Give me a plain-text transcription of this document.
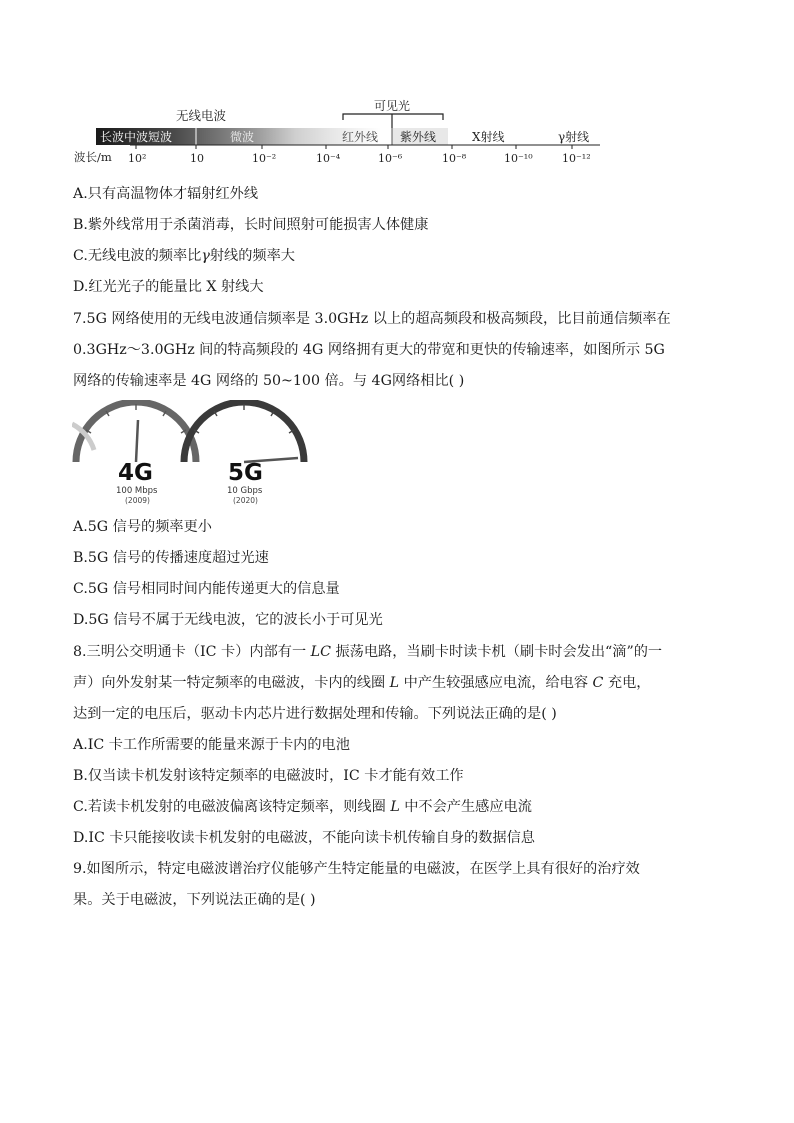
无线电波
可见光
长波中波短波	微波	红外线 紫外线	X射线	γ射线
波长/m 10²	10	10⁻²	10⁻⁴	10⁻⁶	10⁻⁸	10⁻¹⁰	10⁻¹²
A.只有高温物体才辐射红外线
B.紫外线常用于杀菌消毒，长时间照射可能损害人体健康
C.无线电波的频率比γ射线的频率大
D.红光光子的能量比 X 射线大
7.5G 网络使用的无线电波通信频率是 3.0GHz 以上的超高频段和极高频段，比目前通信频率在
0.3GHz～3.0GHz 间的特高频段的 4G 网络拥有更大的带宽和更快的传输速率，如图所示 5G
网络的传输速率是 4G 网络的 50~100 倍。与 4G网络相比( )
4G
100 Mbps
(2009)
5G
10 Gbps
(2020)
A.5G 信号的频率更小
B.5G 信号的传播速度超过光速
C.5G 信号相同时间内能传递更大的信息量
D.5G 信号不属于无线电波，它的波长小于可见光
8.三明公交明通卡（IC 卡）内部有一 LC 振荡电路，当刷卡时读卡机（刷卡时会发出“滴”的一
声）向外发射某一特定频率的电磁波，卡内的线圈 L 中产生较强感应电流，给电容 C 充电，
达到一定的电压后，驱动卡内芯片进行数据处理和传输。下列说法正确的是( )
A.IC 卡工作所需要的能量来源于卡内的电池
B.仅当读卡机发射该特定频率的电磁波时，IC 卡才能有效工作
C.若读卡机发射的电磁波偏离该特定频率，则线圈 L 中不会产生感应电流
D.IC 卡只能接收读卡机发射的电磁波，不能向读卡机传输自身的数据信息
9.如图所示，特定电磁波谱治疗仪能够产生特定能量的电磁波，在医学上具有很好的治疗效
果。关于电磁波，下列说法正确的是( )
